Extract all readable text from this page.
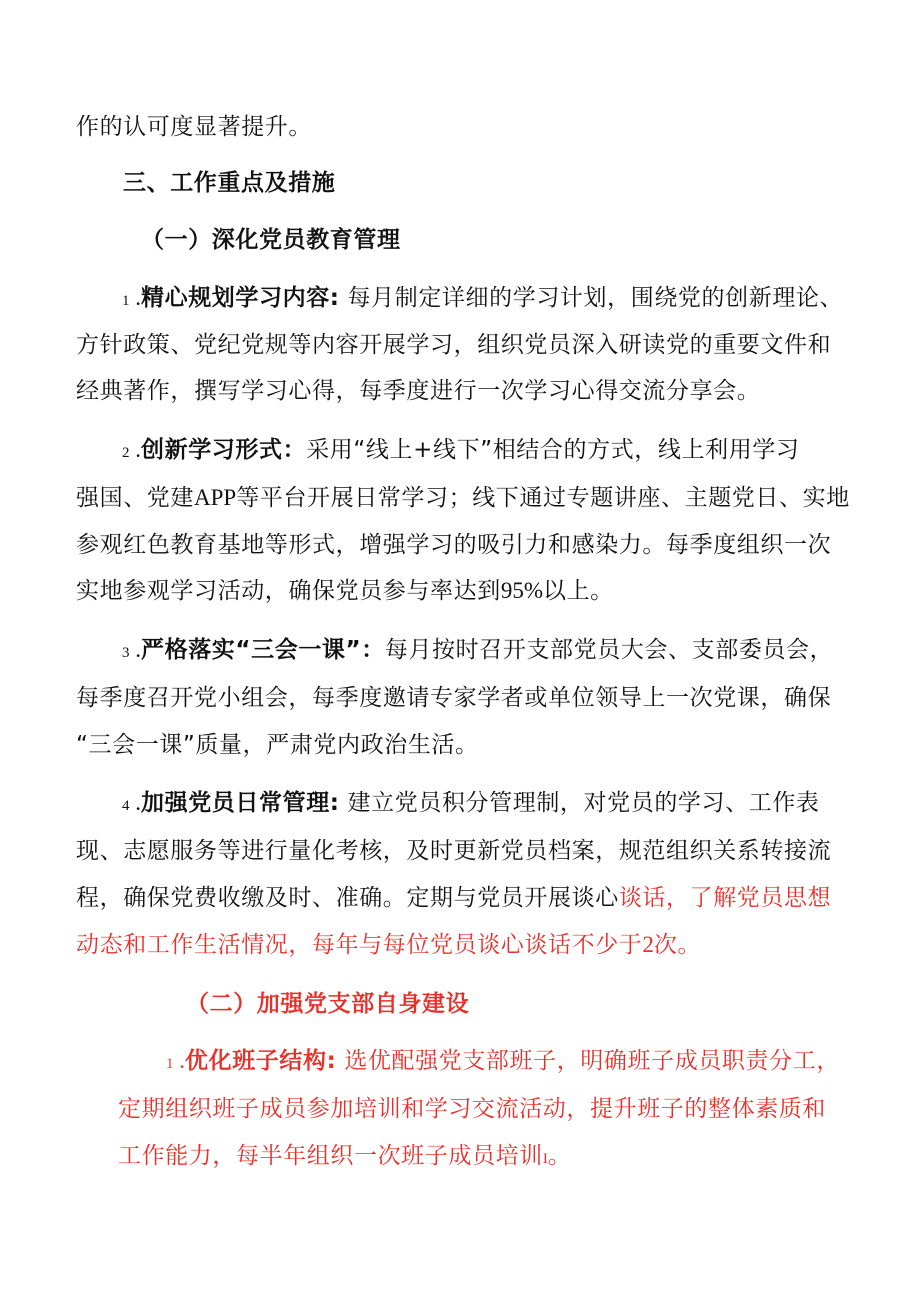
作的认可度显著提升。
三、工作重点及措施
（一）深化党员教育管理
1 .精心规划学习内容: 每月制定详细的学习计划，围绕党的创新理论、
方针政策、党纪党规等内容开展学习，组织党员深入研读党的重要文件和
经典著作，撰写学习心得，每季度进行一次学习心得交流分享会。
2 .创新学习形式：采用“线上+线下”相结合的方式，线上利用学习
强国、党建APP等平台开展日常学习；线下通过专题讲座、主题党日、实地
参观红色教育基地等形式，增强学习的吸引力和感染力。每季度组织一次
实地参观学习活动，确保党员参与率达到95%以上。
3 .严格落实“三会一课”：每月按时召开支部党员大会、支部委员会，
每季度召开党小组会，每季度邀请专家学者或单位领导上一次党课，确保
“三会一课”质量，严肃党内政治生活。
4 .加强党员日常管理: 建立党员积分管理制，对党员的学习、工作表
现、志愿服务等进行量化考核，及时更新党员档案，规范组织关系转接流
程，确保党费收缴及时、准确。定期与党员开展谈心谈话，了解党员思想
动态和工作生活情况，每年与每位党员谈心谈话不少于2次。
（二）加强党支部自身建设
1 .优化班子结构: 选优配强党支部班子，明确班子成员职责分工，
定期组织班子成员参加培训和学习交流活动，提升班子的整体素质和
工作能力，每半年组织一次班子成员培训I。
